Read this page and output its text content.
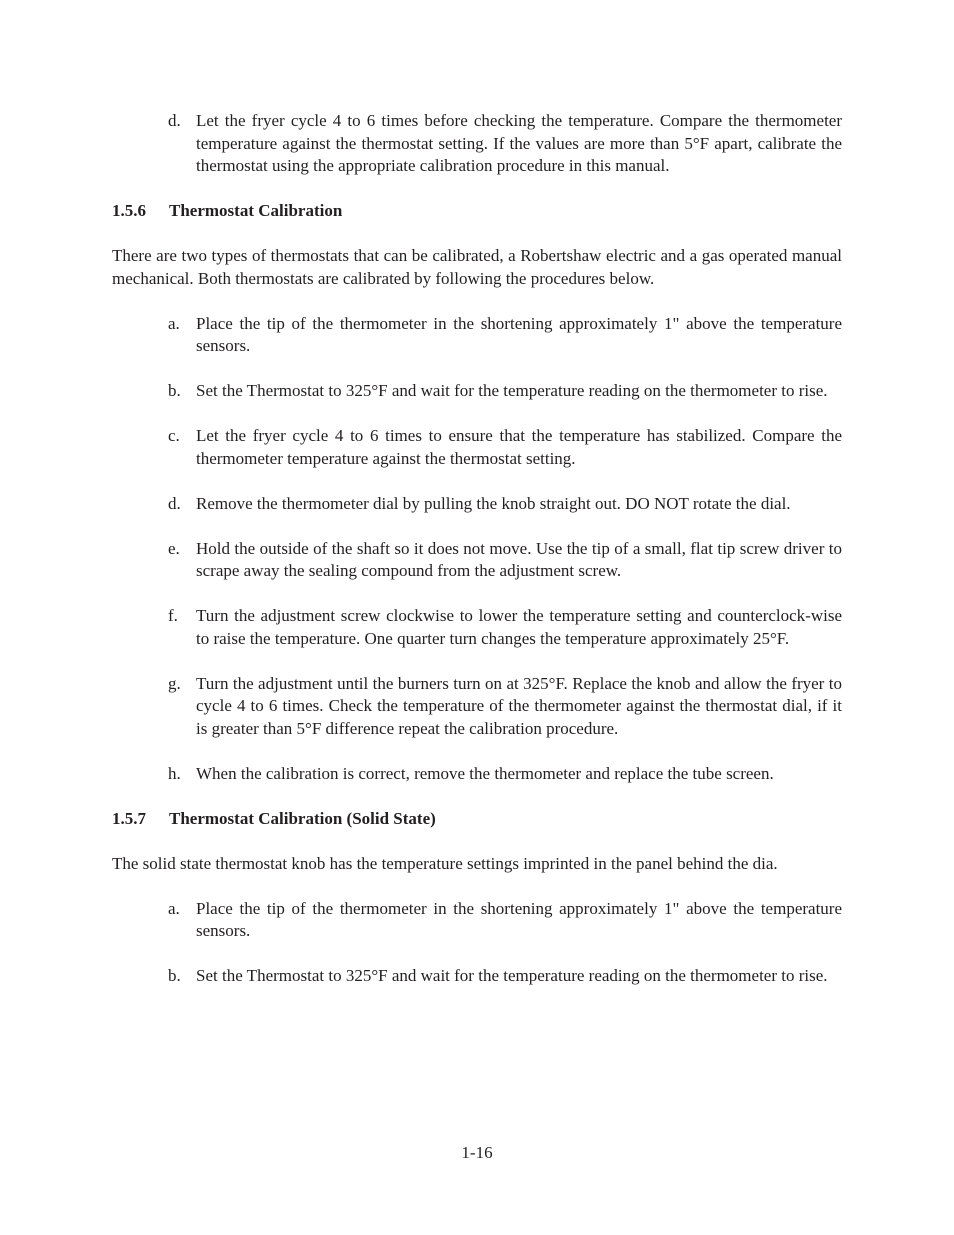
d. Let the fryer cycle 4 to 6 times before checking the temperature. Compare the thermometer temperature against the thermostat setting. If the values are more than 5°F apart, calibrate the thermostat using the appropriate calibration procedure in this manual.

1.5.6 Thermostat Calibration

There are two types of thermostats that can be calibrated, a Robertshaw electric and a gas operated manual mechanical. Both thermostats are calibrated by following the procedures below.

a. Place the tip of the thermometer in the shortening approximately 1" above the temperature sensors.
b. Set the Thermostat to 325°F and wait for the temperature reading on the thermometer to rise.
c. Let the fryer cycle 4 to 6 times to ensure that the temperature has stabilized. Compare the thermometer temperature against the thermostat setting.
d. Remove the thermometer dial by pulling the knob straight out. DO NOT rotate the dial.
e. Hold the outside of the shaft so it does not move. Use the tip of a small, flat tip screw driver to scrape away the sealing compound from the adjustment screw.
f. Turn the adjustment screw clockwise to lower the temperature setting and counterclock-wise to raise the temperature. One quarter turn changes the temperature approximately 25°F.
g. Turn the adjustment until the burners turn on at 325°F. Replace the knob and allow the fryer to cycle 4 to 6 times. Check the temperature of the thermometer against the thermostat dial, if it is greater than 5°F difference repeat the calibration procedure.
h. When the calibration is correct, remove the thermometer and replace the tube screen.

1.5.7 Thermostat Calibration (Solid State)

The solid state thermostat knob has the temperature settings imprinted in the panel behind the dia.

a. Place the tip of the thermometer in the shortening approximately 1" above the temperature sensors.
b. Set the Thermostat to 325°F and wait for the temperature reading on the thermometer to rise.
1-16
